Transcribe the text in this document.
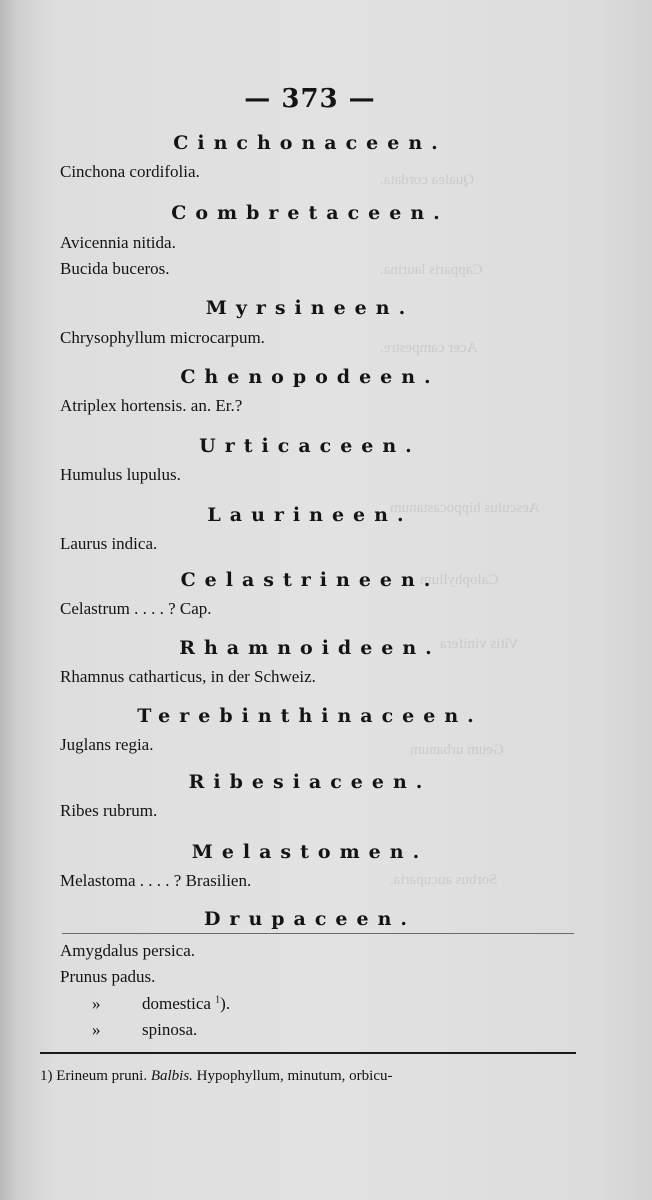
Qualea cordata.
Capparis laurina.
Acer campestre.
Aesculus hippocastanum
Calophyllum
Vitis vinifera
Geum urbanum
Sorbus aucuparia.
— 373 —
Cinchonaceen.
Cinchona cordifolia.
Combretaceen.
Avicennia nitida.
Bucida buceros.
Myrsineen.
Chrysophyllum microcarpum.
Chenopodeen.
Atriplex hortensis. an. Er.?
Urticaceen.
Humulus lupulus.
Laurineen.
Laurus indica.
Celastrineen.
Celastrum . . . . ? Cap.
Rhamnoideen.
Rhamnus catharticus, in der Schweiz.
Terebinthinaceen.
Juglans regia.
Ribesiaceen.
Ribes rubrum.
Melastomen.
Melastoma . . . . ? Brasilien.
Drupaceen.
Amygdalus persica.
Prunus padus.
» domestica $^1$).
» spinosa.
1) Erineum pruni. Balbis. Hypophyllum, minutum, orbicu-
